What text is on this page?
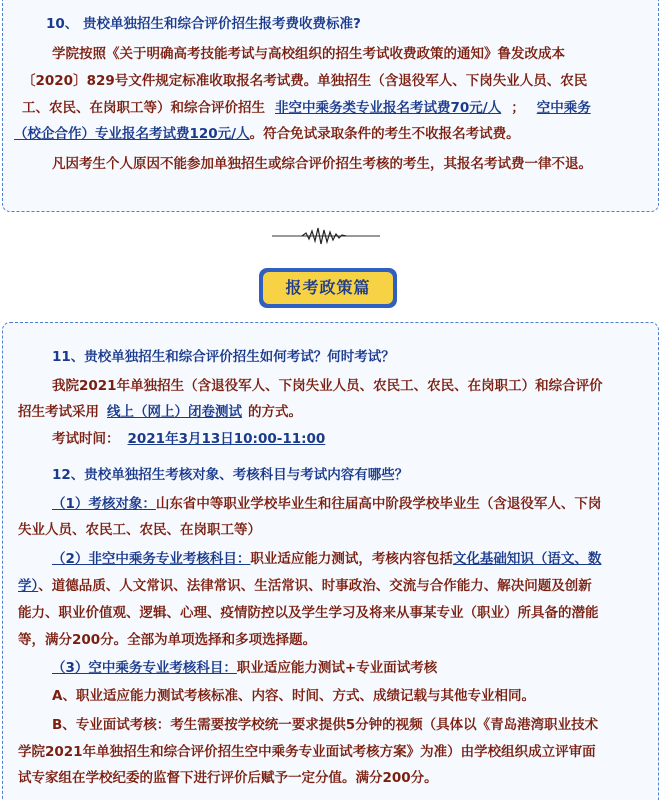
10、 贵校单独招生和综合评价招生报考费收费标准?
学院按照《关于明确高考技能考试与高校组织的招生考试收费政策的通知》鲁发改成本
〔2020〕829号文件规定标准收取报名考试费。单独招生（含退役军人、下岗失业人员、农民
工、农民、在岗职工等）和综合评价招生 非空中乘务类专业报名考试费70元/人 ； 空中乘务
（校企合作）专业报名考试费120元/人。符合免试录取条件的考生不收报名考试费。
凡因考生个人原因不能参加单独招生或综合评价招生考核的考生，其报名考试费一律不退。
报考政策篇
11、贵校单独招生和综合评价招生如何考试？何时考试？
我院2021年单独招生（含退役军人、下岗失业人员、农民工、农民、在岗职工）和综合评价
招生考试采用 线上（网上）闭卷测试 的方式。
考试时间： 2021年3月13日10:00-11:00
12、贵校单独招生考核对象、考核科目与考试内容有哪些？
（1）考核对象：山东省中等职业学校毕业生和往届高中阶段学校毕业生（含退役军人、下岗
失业人员、农民工、农民、在岗职工等）
（2）非空中乘务专业考核科目：职业适应能力测试，考核内容包括文化基础知识（语文、数
学）、道德品质、人文常识、法律常识、生活常识、时事政治、交流与合作能力、解决问题及创新
能力、职业价值观、逻辑、心理、疫情防控以及学生学习及将来从事某专业（职业）所具备的潜能
等，满分200分。全部为单项选择和多项选择题。
（3）空中乘务专业考核科目：职业适应能力测试+专业面试考核
A、职业适应能力测试考核标准、内容、时间、方式、成绩记载与其他专业相同。
B、专业面试考核：考生需要按学校统一要求提供5分钟的视频（具体以《青岛港湾职业技术
学院2021年单独招生和综合评价招生空中乘务专业面试考核方案》为准）由学校组织成立评审面
试专家组在学校纪委的监督下进行评价后赋予一定分值。满分200分。
